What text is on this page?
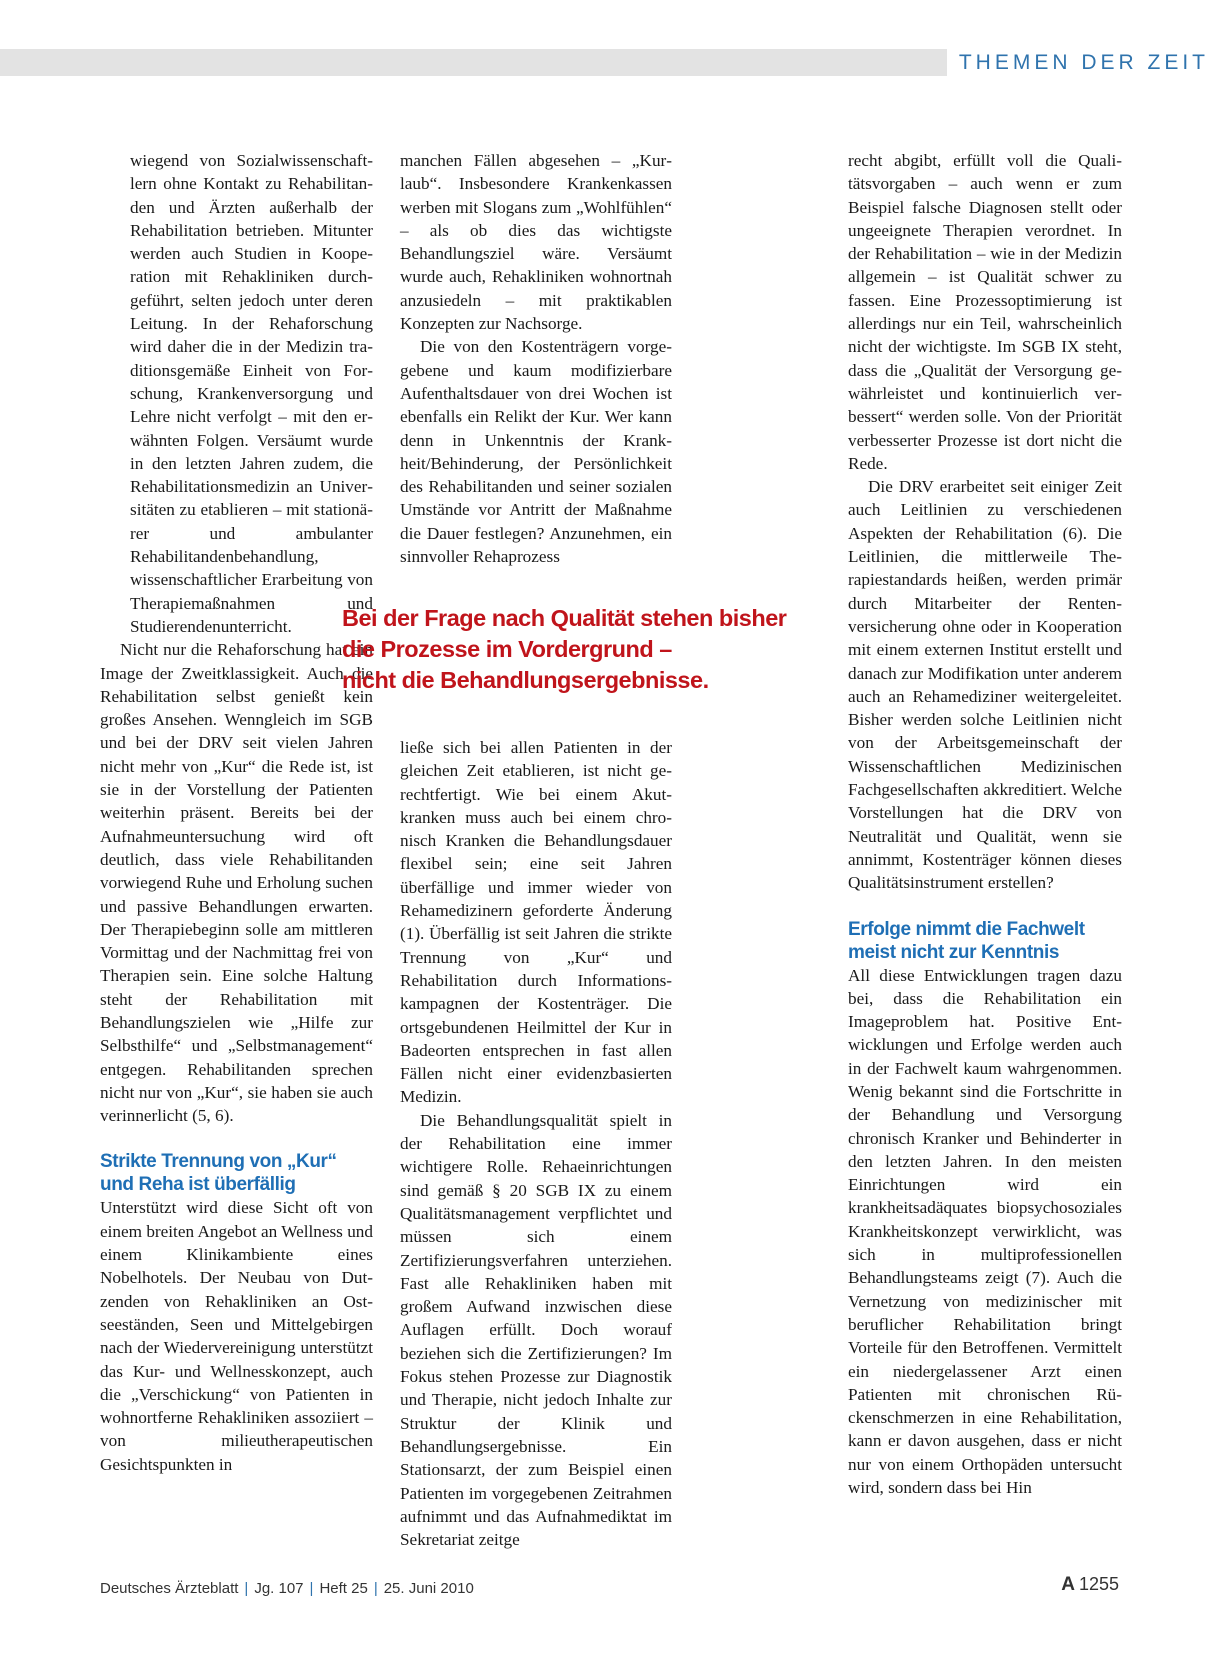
THEMEN DER ZEIT

wiegend von Sozialwissenschaftlern ohne Kontakt zu Rehabilitanden und Ärzten außerhalb der Rehabilitation betrieben. Mitunter werden auch Studien in Kooperation mit Rehakliniken durchgeführt, selten jedoch unter deren Leitung. In der Rehaforschung wird daher die in der Medizin traditionsgemäße Einheit von Forschung, Krankenversorgung und Lehre nicht verfolgt – mit den erwähnten Folgen. Versäumt wurde in den letzten Jahren zudem, die Rehabilitationsmedizin an Universitäten zu etablieren – mit stationärer und ambulanter Rehabilitandenbehandlung, wissenschaftlicher Erarbeitung von Therapiemaßnahmen und Studierendenunterricht.

Nicht nur die Rehaforschung hat ein Image der Zweitklassigkeit. Auch die Rehabilitation selbst genießt kein großes Ansehen. Wenngleich im SGB und bei der DRV seit vielen Jahren nicht mehr von „Kur“ die Rede ist, ist sie in der Vorstellung der Patienten weiterhin präsent. Bereits bei der Aufnahmeuntersuchung wird oft deutlich, dass viele Rehabilitanden vorwiegend Ruhe und Erholung suchen und passive Behandlungen erwarten. Der Therapiebeginn solle am mittleren Vormittag und der Nachmittag frei von Therapien sein. Eine solche Haltung steht der Rehabilitation mit Behandlungszielen wie „Hilfe zur Selbsthilfe“ und „Selbstmanagement“ entgegen. Rehabilitanden sprechen nicht nur von „Kur“, sie haben sie auch verinnerlicht (5, 6).

Strikte Trennung von „Kur“ und Reha ist überfällig

Unterstützt wird diese Sicht oft von einem breiten Angebot an Wellness und einem Klinikambiente eines Nobelhotels. Der Neubau von Dutzenden von Rehakliniken an Ostseeständen, Seen und Mittelgebirgen nach der Wiedervereinigung unterstützt das Kur- und Wellnesskonzept, auch die „Verschickung“ von Patienten in wohnortferne Rehakliniken assoziiert – von milieutherapeutischen Gesichtspunkten in

manchen Fällen abgesehen – „Kurlaub“. Insbesondere Krankenkassen werben mit Slogans zum „Wohlfühlen“ – als ob dies das wichtigste Behandlungsziel wäre. Versäumt wurde auch, Rehakliniken wohnortnah anzusiedeln – mit praktikablen Konzepten zur Nachsorge.

Die von den Kostenträgern vorgegebene und kaum modifizierbare Aufenthaltsdauer von drei Wochen ist ebenfalls ein Relikt der Kur. Wer kann denn in Unkenntnis der Krankheit/Behinderung, der Persönlichkeit des Rehabilitanden und seiner sozialen Umstände vor Antritt der Maßnahme die Dauer festlegen? Anzunehmen, ein sinnvoller Rehaprozess

Bei der Frage nach Qualität stehen bisher
die Prozesse im Vordergrund –
nicht die Behandlungsergebnisse.

ließe sich bei allen Patienten in der gleichen Zeit etablieren, ist nicht gerechtfertigt. Wie bei einem Akutkranken muss auch bei einem chronisch Kranken die Behandlungsdauer flexibel sein; eine seit Jahren überfällige und immer wieder von Rehamedizinern geforderte Änderung (1). Überfällig ist seit Jahren die strikte Trennung von „Kur“ und Rehabilitation durch Informationskampagnen der Kostenträger. Die ortsgebundenen Heilmittel der Kur in Badeorten entsprechen in fast allen Fällen nicht einer evidenzbasierten Medizin.

Die Behandlungsqualität spielt in der Rehabilitation eine immer wichtigere Rolle. Rehaeinrichtungen sind gemäß § 20 SGB IX zu einem Qualitätsmanagement verpflichtet und müssen sich einem Zertifizierungsverfahren unterziehen. Fast alle Rehakliniken haben mit großem Aufwand inzwischen diese Auflagen erfüllt. Doch worauf beziehen sich die Zertifizierungen? Im Fokus stehen Prozesse zur Diagnostik und Therapie, nicht jedoch Inhalte zur Struktur der Klinik und Behandlungsergebnisse. Ein Stationsarzt, der zum Beispiel einen Patienten im vorgegebenen Zeitrahmen aufnimmt und das Aufnahmediktat im Sekretariat zeitge

recht abgibt, erfüllt voll die Qualitätsvorgaben – auch wenn er zum Beispiel falsche Diagnosen stellt oder ungeeignete Therapien verordnet. In der Rehabilitation – wie in der Medizin allgemein – ist Qualität schwer zu fassen. Eine Prozessoptimierung ist allerdings nur ein Teil, wahrscheinlich nicht der wichtigste. Im SGB IX steht, dass die „Qualität der Versorgung gewährleistet und kontinuierlich verbessert“ werden solle. Von der Priorität verbesserter Prozesse ist dort nicht die Rede.

Die DRV erarbeitet seit einiger Zeit auch Leitlinien zu verschiedenen Aspekten der Rehabilitation (6). Die Leitlinien, die mittlerweile Therapiestandards heißen, werden primär durch Mitarbeiter der Rentenversicherung ohne oder in Kooperation mit einem externen Institut erstellt und danach zur Modifikation unter anderem auch an Rehamediziner weitergeleitet. Bisher werden solche Leitlinien nicht von der Arbeitsgemeinschaft der Wissenschaftlichen Medizinischen Fachgesellschaften akkreditiert. Welche Vorstellungen hat die DRV von Neutralität und Qualität, wenn sie annimmt, Kostenträger können dieses Qualitätsinstrument erstellen?

Erfolge nimmt die Fachwelt meist nicht zur Kenntnis

All diese Entwicklungen tragen dazu bei, dass die Rehabilitation ein Imageproblem hat. Positive Entwicklungen und Erfolge werden auch in der Fachwelt kaum wahrgenommen. Wenig bekannt sind die Fortschritte in der Behandlung und Versorgung chronisch Kranker und Behinderter in den letzten Jahren. In den meisten Einrichtungen wird ein krankheitsadäquates biopsychosoziales Krankheitskonzept verwirklicht, was sich in multiprofessionellen Behandlungsteams zeigt (7). Auch die Vernetzung von medizinischer mit beruflicher Rehabilitation bringt Vorteile für den Betroffenen. Vermittelt ein niedergelassener Arzt einen Patienten mit chronischen Rückenschmerzen in eine Rehabilitation, kann er davon ausgehen, dass er nicht nur von einem Orthopäden untersucht wird, sondern dass bei Hin

Deutsches Ärzteblatt | Jg. 107 | Heft 25 | 25. Juni 2010	A 1255
